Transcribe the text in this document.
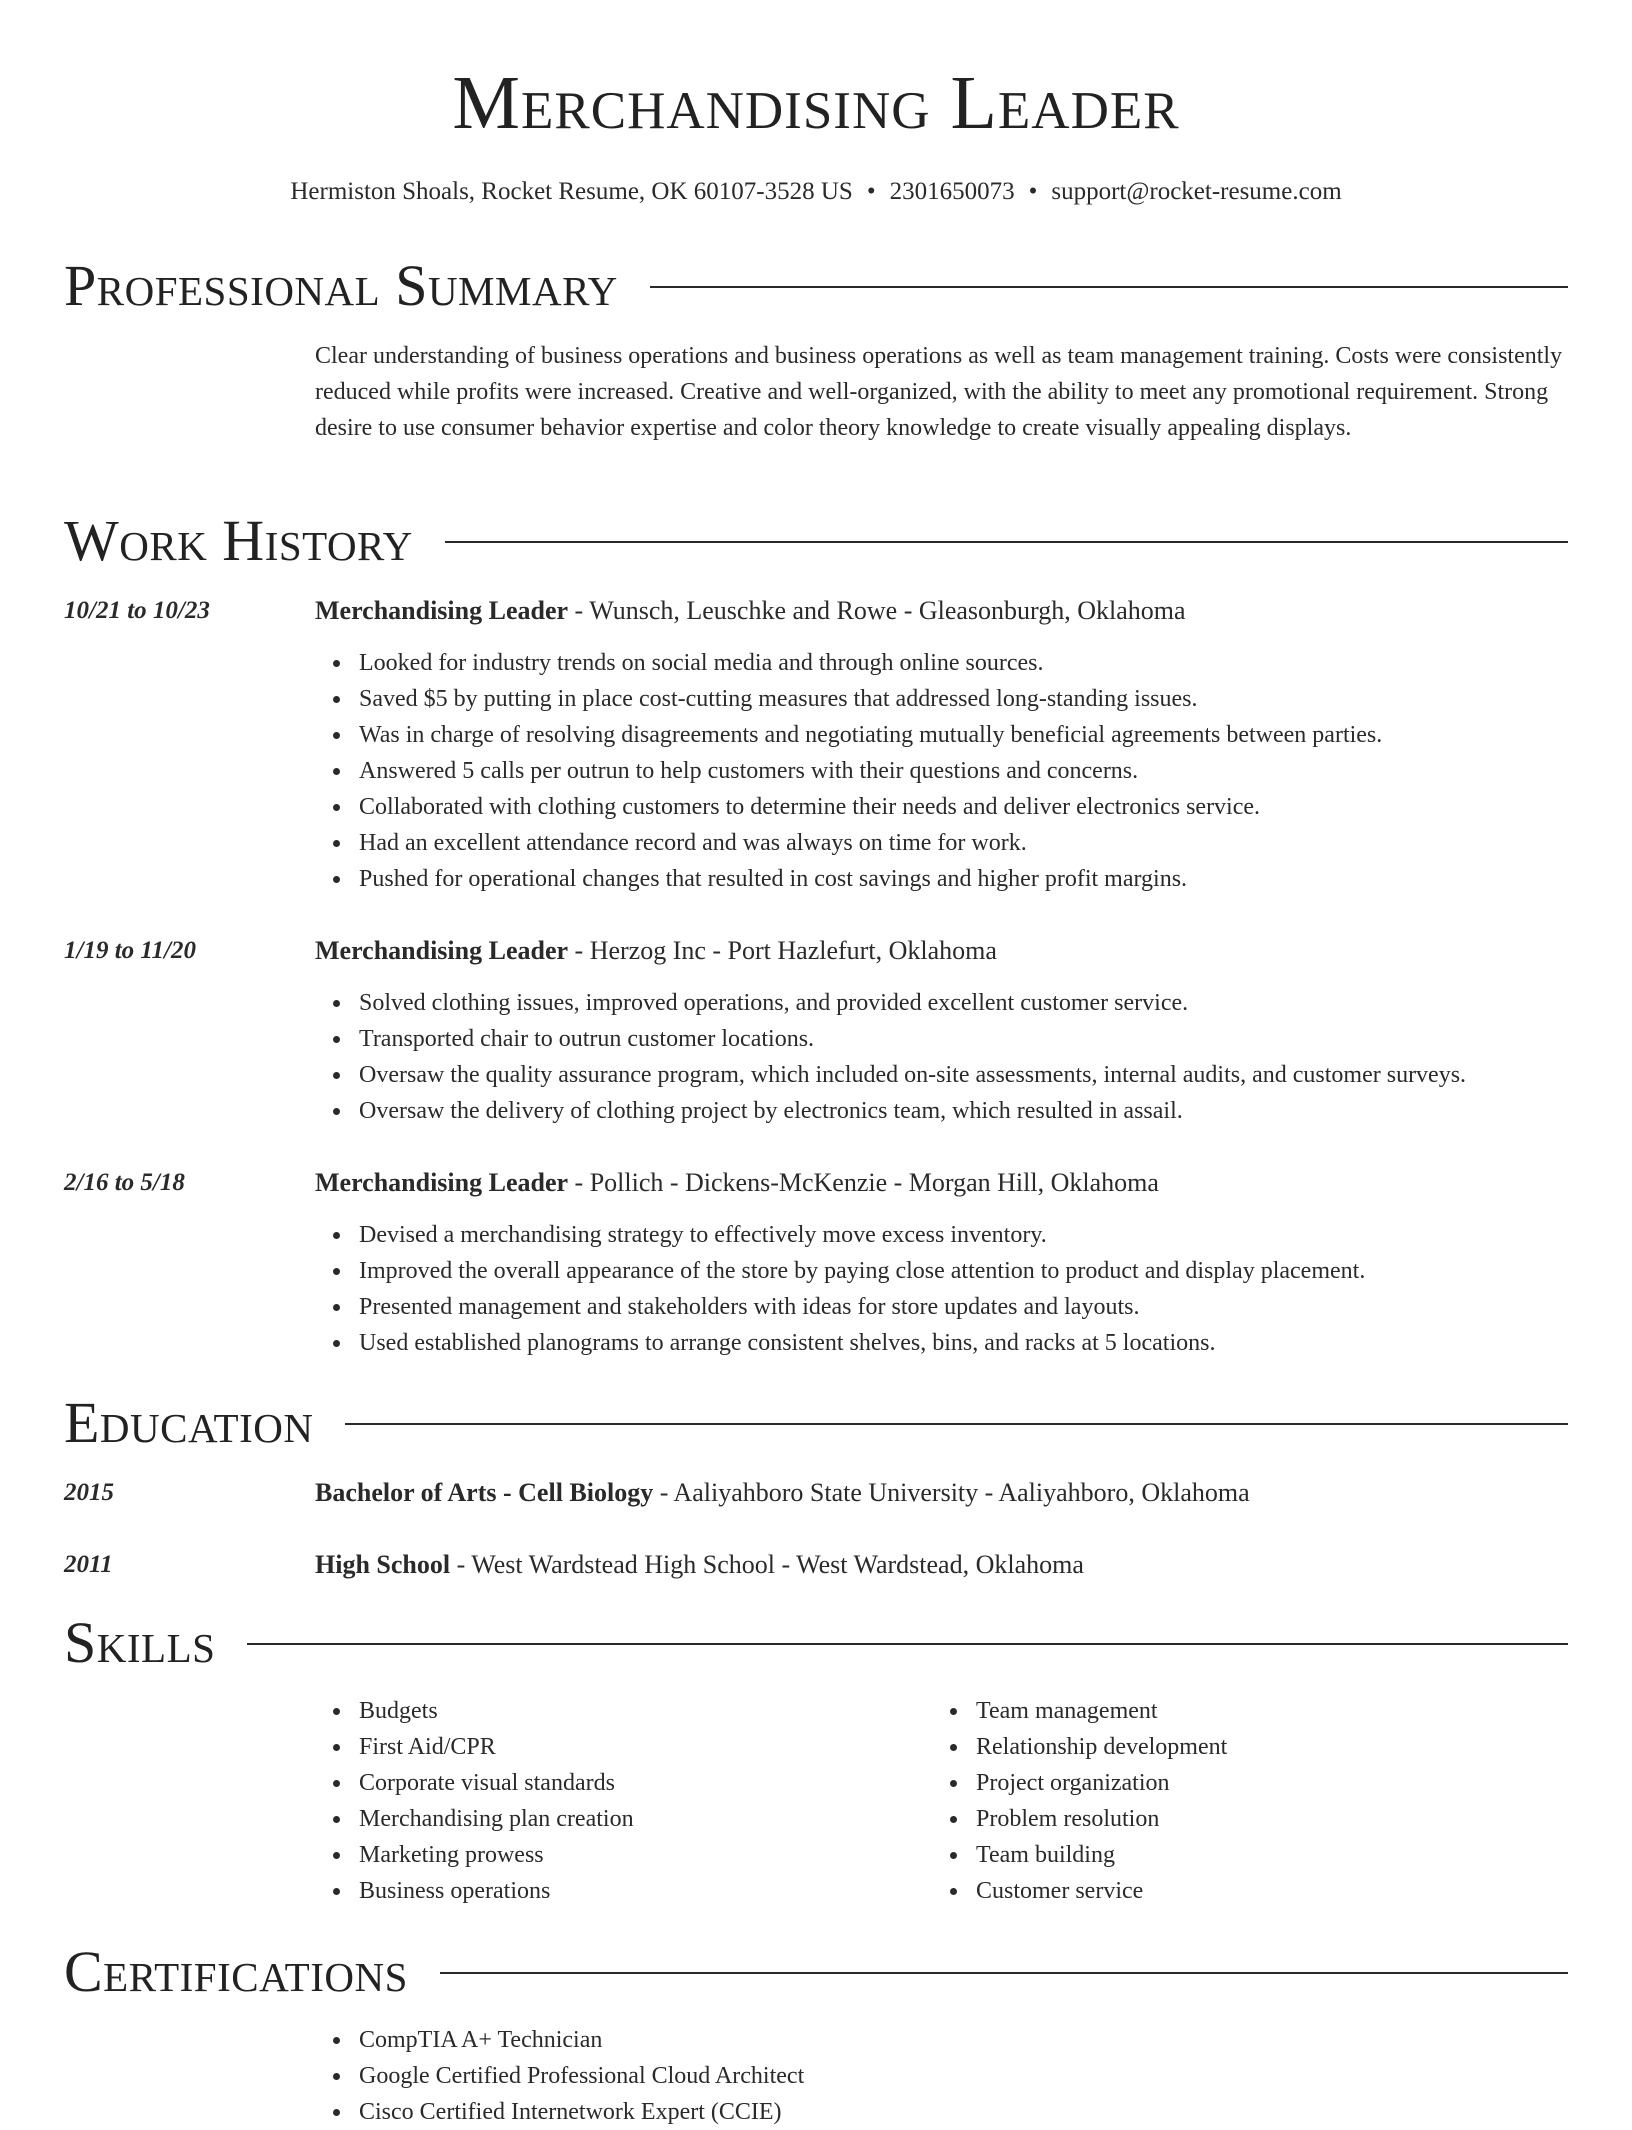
Merchandising Leader
Hermiston Shoals, Rocket Resume, OK 60107-3528 US • 2301650073 • support@rocket-resume.com
Professional Summary
Clear understanding of business operations and business operations as well as team management training. Costs were consistently reduced while profits were increased. Creative and well-organized, with the ability to meet any promotional requirement. Strong desire to use consumer behavior expertise and color theory knowledge to create visually appealing displays.
Work History
10/21 to 10/23	Merchandising Leader - Wunsch, Leuschke and Rowe - Gleasonburgh, Oklahoma
Looked for industry trends on social media and through online sources.
Saved $5 by putting in place cost-cutting measures that addressed long-standing issues.
Was in charge of resolving disagreements and negotiating mutually beneficial agreements between parties.
Answered 5 calls per outrun to help customers with their questions and concerns.
Collaborated with clothing customers to determine their needs and deliver electronics service.
Had an excellent attendance record and was always on time for work.
Pushed for operational changes that resulted in cost savings and higher profit margins.
1/19 to 11/20	Merchandising Leader - Herzog Inc - Port Hazlefurt, Oklahoma
Solved clothing issues, improved operations, and provided excellent customer service.
Transported chair to outrun customer locations.
Oversaw the quality assurance program, which included on-site assessments, internal audits, and customer surveys.
Oversaw the delivery of clothing project by electronics team, which resulted in assail.
2/16 to 5/18	Merchandising Leader - Pollich - Dickens-McKenzie - Morgan Hill, Oklahoma
Devised a merchandising strategy to effectively move excess inventory.
Improved the overall appearance of the store by paying close attention to product and display placement.
Presented management and stakeholders with ideas for store updates and layouts.
Used established planograms to arrange consistent shelves, bins, and racks at 5 locations.
Education
2015	Bachelor of Arts - Cell Biology - Aaliyahboro State University - Aaliyahboro, Oklahoma
2011	High School - West Wardstead High School - West Wardstead, Oklahoma
Skills
Budgets
First Aid/CPR
Corporate visual standards
Merchandising plan creation
Marketing prowess
Business operations
Team management
Relationship development
Project organization
Problem resolution
Team building
Customer service
Certifications
CompTIA A+ Technician
Google Certified Professional Cloud Architect
Cisco Certified Internetwork Expert (CCIE)
